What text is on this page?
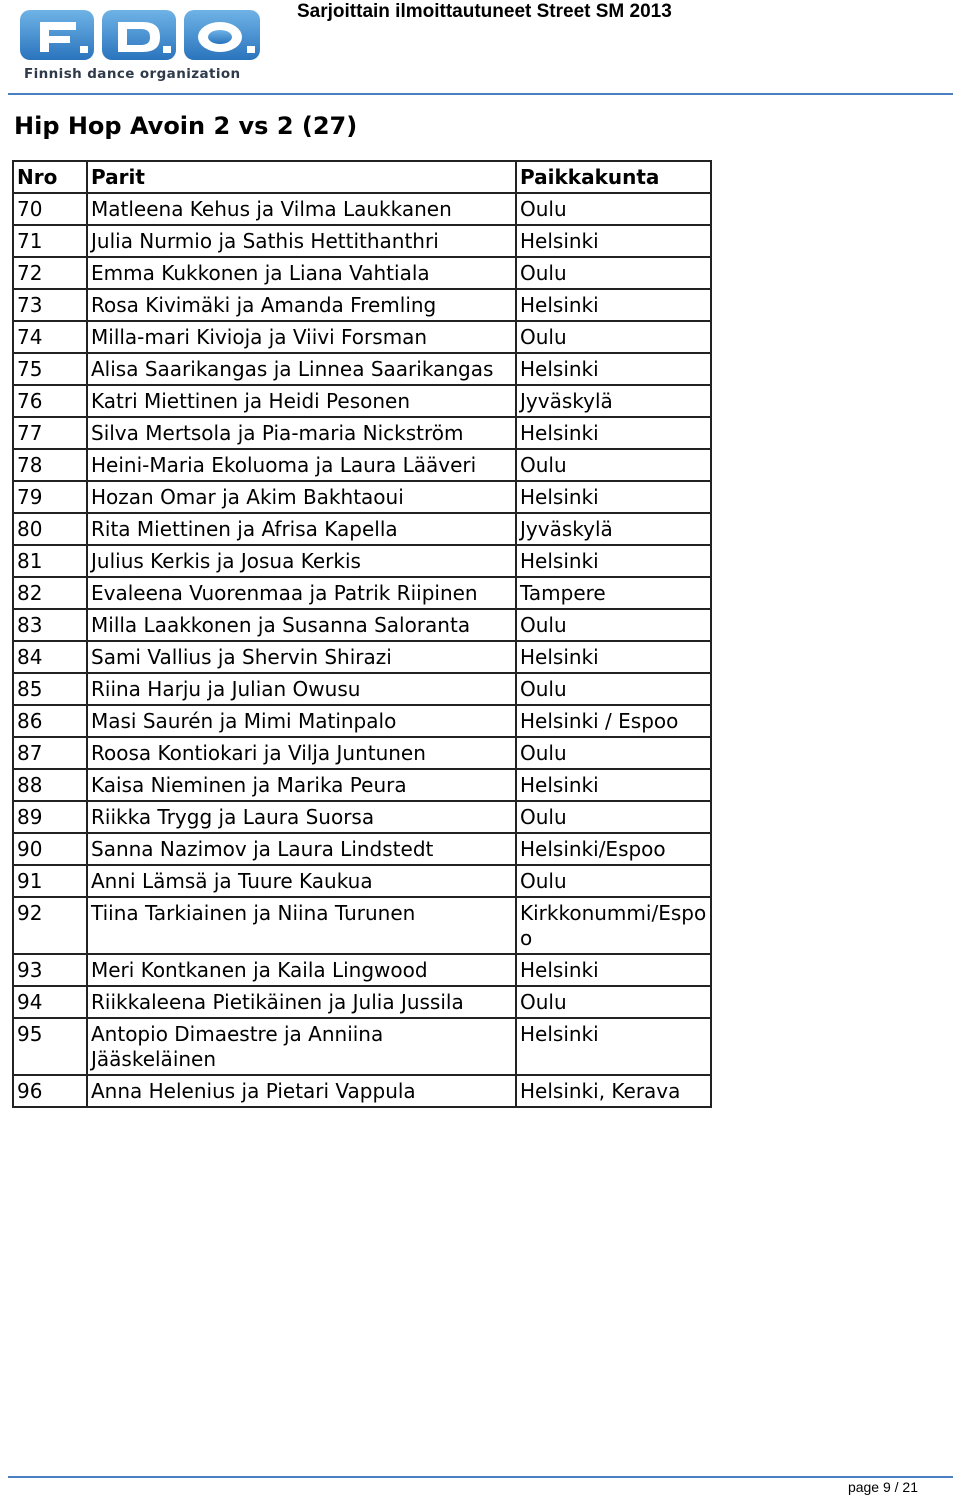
Finnish dance organization
Sarjoittain ilmoittautuneet Street SM 2013
Hip Hop Avoin 2 vs 2 (27)
Nro	Parit	Paikkakunta
70	Matleena Kehus ja Vilma Laukkanen	Oulu
71	Julia Nurmio ja Sathis Hettithanthri	Helsinki
72	Emma Kukkonen ja Liana Vahtiala	Oulu
73	Rosa Kivimäki ja Amanda Fremling	Helsinki
74	Milla-mari Kivioja ja Viivi Forsman	Oulu
75	Alisa Saarikangas ja Linnea Saarikangas	Helsinki
76	Katri Miettinen ja Heidi Pesonen	Jyväskylä
77	Silva Mertsola ja Pia-maria Nickström	Helsinki
78	Heini-Maria Ekoluoma ja Laura Lääveri	Oulu
79	Hozan Omar ja Akim Bakhtaoui	Helsinki
80	Rita Miettinen ja Afrisa Kapella	Jyväskylä
81	Julius Kerkis ja Josua Kerkis	Helsinki
82	Evaleena Vuorenmaa ja Patrik Riipinen	Tampere
83	Milla Laakkonen ja Susanna Saloranta	Oulu
84	Sami Vallius ja Shervin Shirazi	Helsinki
85	Riina Harju ja Julian Owusu	Oulu
86	Masi Saurén ja Mimi Matinpalo	Helsinki / Espoo
87	Roosa Kontiokari ja Vilja Juntunen	Oulu
88	Kaisa Nieminen ja Marika Peura	Helsinki
89	Riikka Trygg ja Laura Suorsa	Oulu
90	Sanna Nazimov ja Laura Lindstedt	Helsinki/Espoo
91	Anni Lämsä ja Tuure Kaukua	Oulu
92	Tiina Tarkiainen ja Niina Turunen	Kirkkonummi/Espoo
93	Meri Kontkanen ja Kaila Lingwood	Helsinki
94	Riikkaleena Pietikäinen ja Julia Jussila	Oulu
95	Antopio Dimaestre ja Anniina Jääskeläinen	Helsinki
96	Anna Helenius ja Pietari Vappula	Helsinki, Kerava
page 9 / 21
